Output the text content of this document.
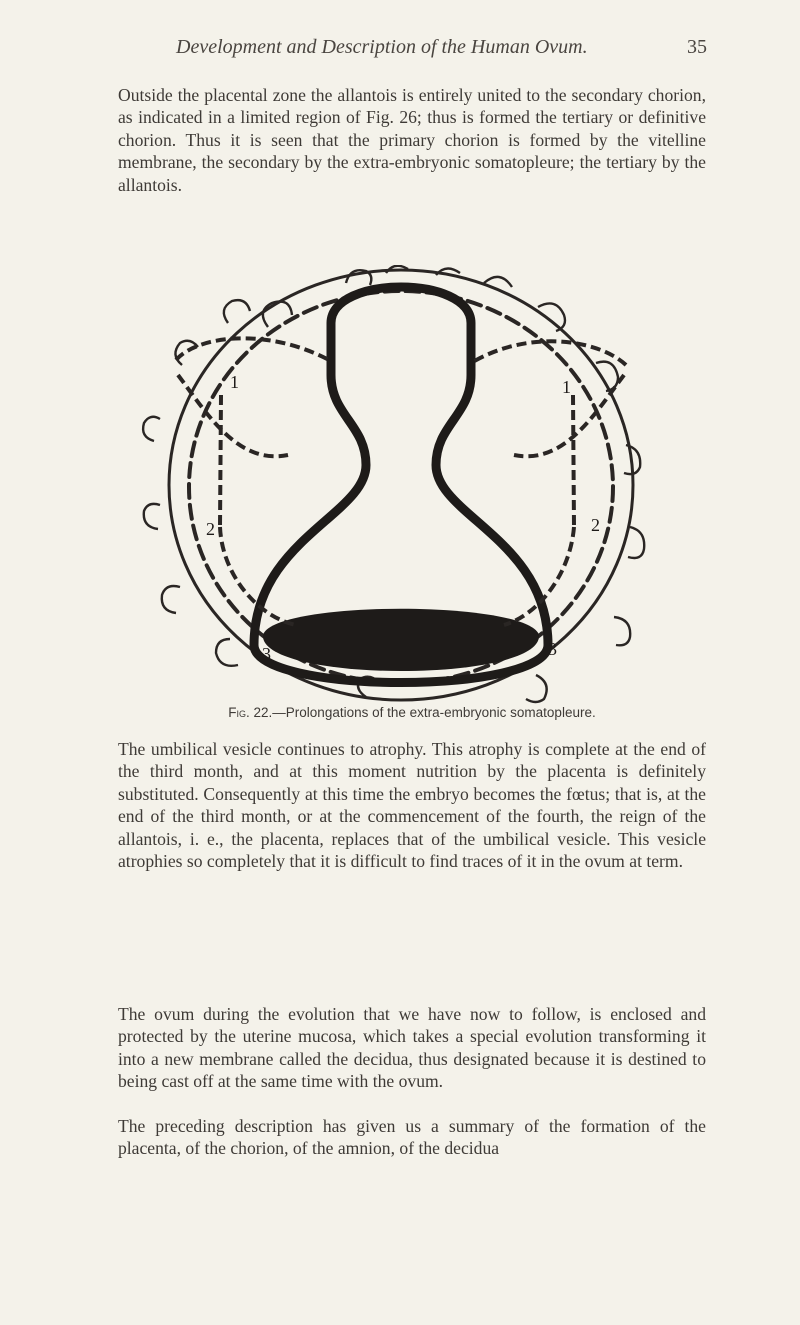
Development and Description of the Human Ovum.	35

Outside the placental zone the allantois is entirely united to the secondary chorion, as indicated in a limited region of Fig. 26; thus is formed the tertiary or definitive chorion. Thus it is seen that the primary chorion is formed by the vitelline membrane, the secondary by the extra-embryonic somatopleure; the tertiary by the allantois.

1	1
2	2
3	3
Fig. 22.—Prolongations of the extra-embryonic somatopleure.

The umbilical vesicle continues to atrophy. This atrophy is complete at the end of the third month, and at this moment nutrition by the placenta is definitely substituted. Consequently at this time the embryo becomes the fœtus; that is, at the end of the third month, or at the commencement of the fourth, the reign of the allantois, i. e., the placenta, replaces that of the umbilical vesicle. This vesicle atrophies so completely that it is difficult to find traces of it in the ovum at term.

The ovum during the evolution that we have now to follow, is enclosed and protected by the uterine mucosa, which takes a special evolution transforming it into a new membrane called the decidua, thus designated because it is destined to being cast off at the same time with the ovum.

The preceding description has given us a summary of the formation of the placenta, of the chorion, of the amnion, of the decidua
